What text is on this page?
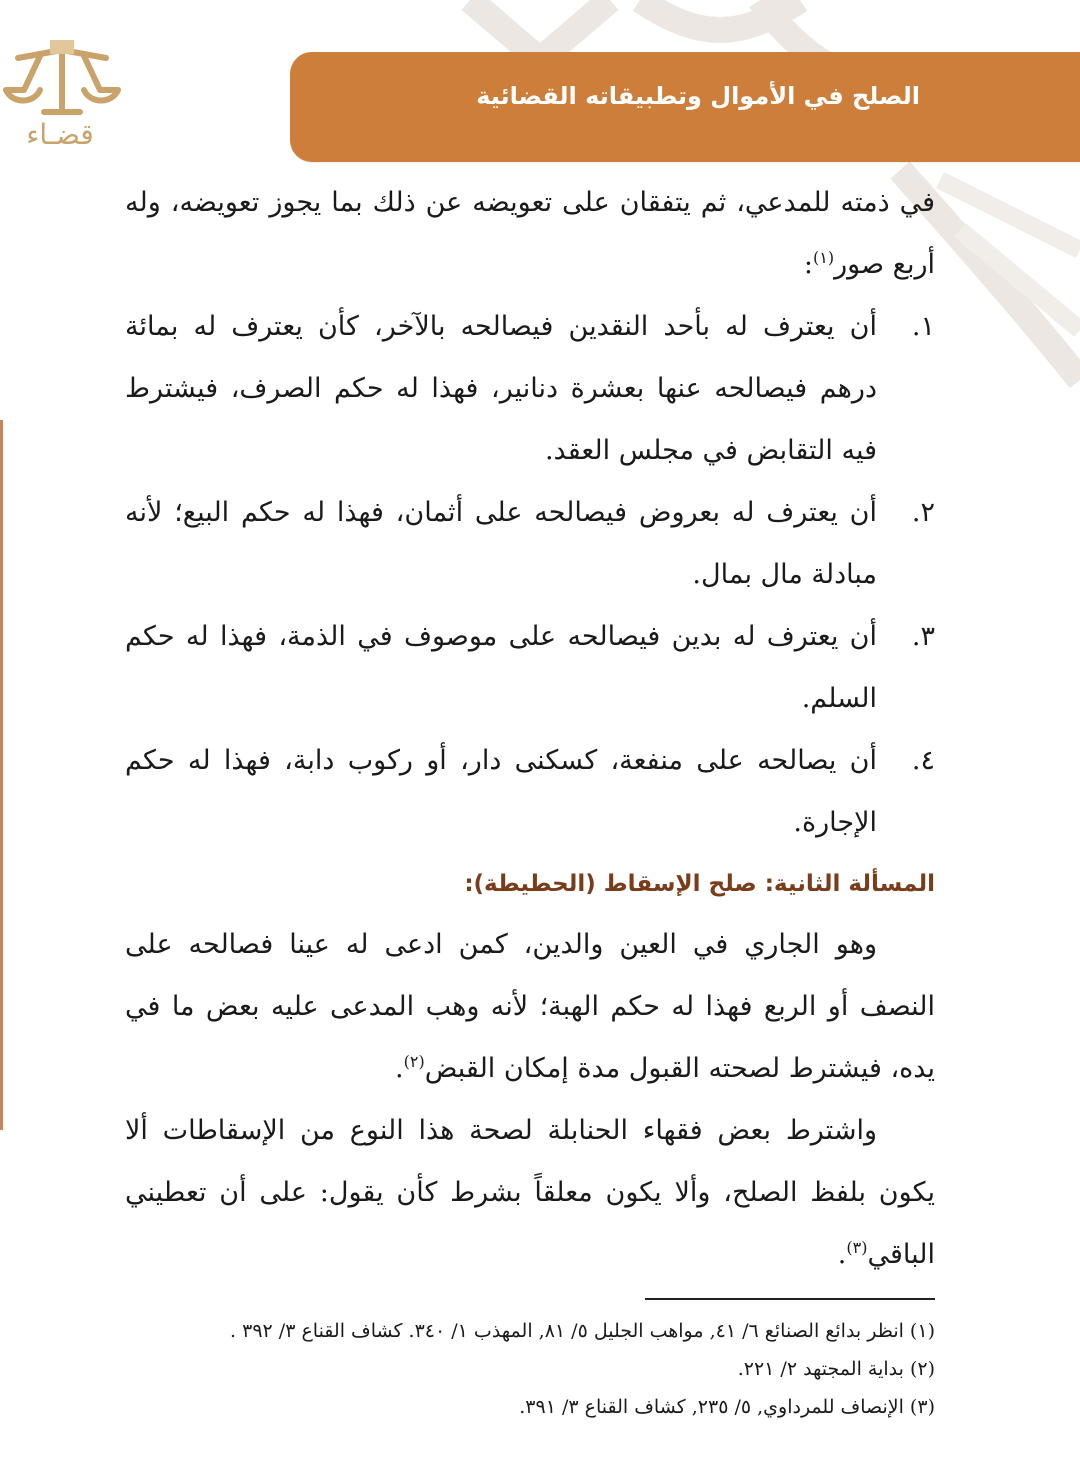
الصلح في الأموال وتطبيقاته القضائية
قضـاء

في ذمته للمدعي، ثم يتفقان على تعويضه عن ذلك بما يجوز تعويضه، وله أربع صور$^{(١)}$:

١.
أن يعترف له بأحد النقدين فيصالحه بالآخر، كأن يعترف له بمائة درهم فيصالحه عنها بعشرة دنانير، فهذا له حكم الصرف، فيشترط فيه التقابض في مجلس العقد.
٢.
أن يعترف له بعروض فيصالحه على أثمان، فهذا له حكم البيع؛ لأنه مبادلة مال بمال.
٣.
أن يعترف له بدين فيصالحه على موصوف في الذمة، فهذا له حكم السلم.
٤.
أن يصالحه على منفعة، كسكنى دار، أو ركوب دابة، فهذا له حكم الإجارة.

المسألة الثانية: صلح الإسقاط (الحطيطة):

وهو الجاري في العين والدين، كمن ادعى له عينا فصالحه على النصف أو الربع فهذا له حكم الهبة؛ لأنه وهب المدعى عليه بعض ما في يده، فيشترط لصحته القبول مدة إمكان القبض$^{(٢)}$.

واشترط بعض فقهاء الحنابلة لصحة هذا النوع من الإسقاطات ألا يكون بلفظ الصلح، وألا يكون معلقاً بشرط كأن يقول: على أن تعطيني الباقي$^{(٣)}$.

(١) انظر بدائع الصنائع ٦/ ٤١, مواهب الجليل ٥/ ٨١, المهذب ١/ ٣٤٠. كشاف القناع ٣/ ٣٩٢ .

(٢) بداية المجتهد ٢/ ٢٢١.

(٣) الإنصاف للمرداوي, ٥/ ٢٣٥, كشاف القناع ٣/ ٣٩١.
